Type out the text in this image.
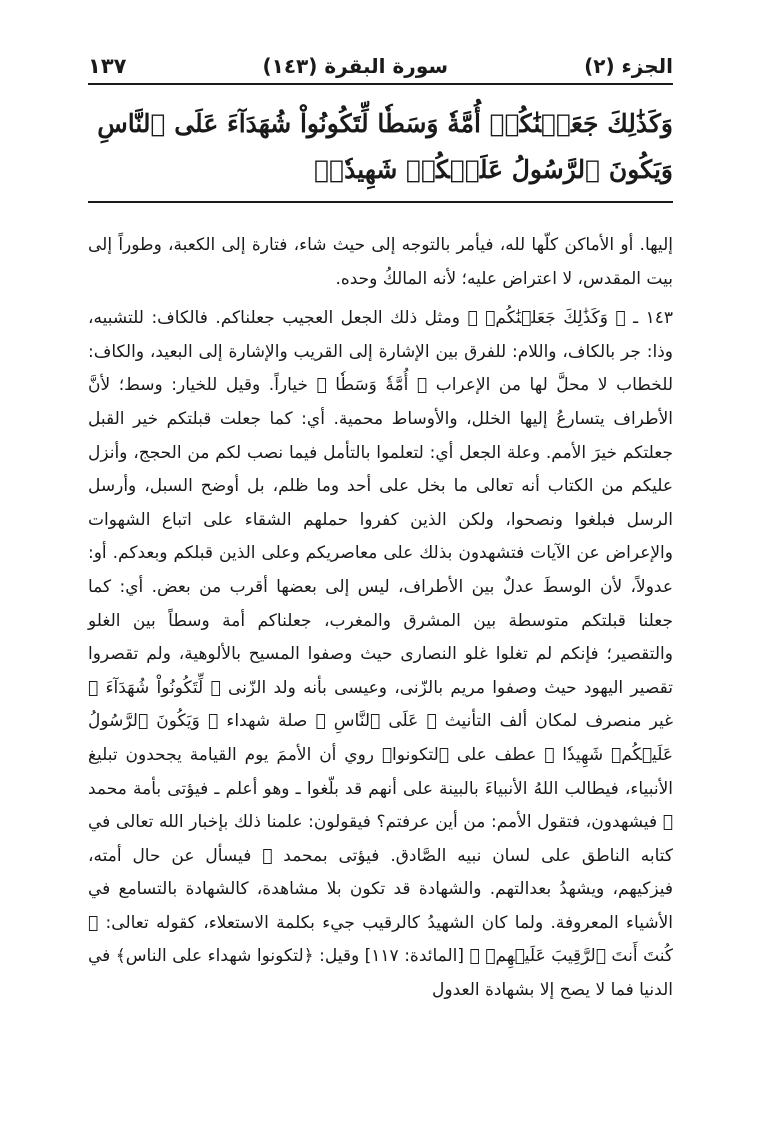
الجزء (٢)
سورة البقرة (١٤٣)
١٣٧
وَكَذَٰلِكَ جَعَلۡنَٰكُمۡ أُمَّةٗ وَسَطٗا لِّتَكُونُواْ شُهَدَآءَ عَلَى ٱلنَّاسِ وَيَكُونَ ٱلرَّسُولُ عَلَيۡكُمۡ شَهِيدٗاۗ

إليها. أو الأماكن كلّها لله، فيأمر بالتوجه إلى حيث شاء، فتارة إلى الكعبة، وطوراً إلى بيت المقدس، لا اعتراض عليه؛ لأنه المالكُ وحده.

١٤٣ ـ ﴿ وَكَذَٰلِكَ جَعَلۡنَٰكُمۡ ﴾ ومثل ذلك الجعل العجيب جعلناكم. فالكاف: للتشبيه، وذا: جر بالكاف، واللام: للفرق بين الإشارة إلى القريب والإشارة إلى البعيد، والكاف: للخطاب لا محلَّ لها من الإعراب ﴿ أُمَّةٗ وَسَطٗا ﴾ خياراً. وقيل للخيار: وسط؛ لأنَّ الأطراف يتسارعُ إليها الخلل، والأوساط محمية. أي: كما جعلت قبلتكم خير القبل جعلتكم خيرَ الأمم. وعلة الجعل أي: لتعلموا بالتأمل فيما نصب لكم من الحجج، وأنزل عليكم من الكتاب أنه تعالى ما بخل على أحد وما ظلم، بل أوضح السبل، وأرسل الرسل فبلغوا ونصحوا، ولكن الذين كفروا حملهم الشقاء على اتباع الشهوات والإعراض عن الآيات فتشهدون بذلك على معاصريكم وعلى الذين قبلكم وبعدكم. أو: عدولاً، لأن الوسطَ عدلٌ بين الأطراف، ليس إلى بعضها أقرب من بعض. أي: كما جعلنا قبلتكم متوسطة بين المشرق والمغرب، جعلناكم أمة وسطاً بين الغلو والتقصير؛ فإنكم لم تغلوا غلو النصارى حيث وصفوا المسيح بالألوهية، ولم تقصروا تقصير اليهود حيث وصفوا مريم بالزّنى، وعيسى بأنه ولد الزّنى ﴿ لِّتَكُونُواْ شُهَدَآءَ ﴾ غير منصرف لمكان ألف التأنيث ﴿ عَلَى ٱلنَّاسِ ﴾ صلة شهداء ﴿ وَيَكُونَ ٱلرَّسُولُ عَلَيۡكُمۡ شَهِيدٗا ﴾ عطف على ﴿لتكونوا﴾ روي أن الأممَ يوم القيامة يجحدون تبليغ الأنبياء، فيطالب اللهُ الأنبياءَ بالبينة على أنهم قد بلّغوا ـ وهو أعلم ـ فيؤتى بأمة محمد ﷺ فيشهدون، فتقول الأمم: من أين عرفتم؟ فيقولون: علمنا ذلك بإخبار الله تعالى في كتابه الناطق على لسان نبيه الصَّادق. فيؤتى بمحمد ﷺ فيسأل عن حال أمته، فيزكيهم، ويشهدُ بعدالتهم. والشهادة قد تكون بلا مشاهدة، كالشهادة بالتسامع في الأشياء المعروفة. ولما كان الشهيدُ كالرقيب جيء بكلمة الاستعلاء، كقوله تعالى: ﴿ كُنتَ أَنتَ ٱلرَّقِيبَ عَلَيۡهِمۡ ﴾ [المائدة: ١١٧] وقيل: ﴿لتكونوا شهداء على الناس﴾ في الدنيا فما لا يصح إلا بشهادة العدول
